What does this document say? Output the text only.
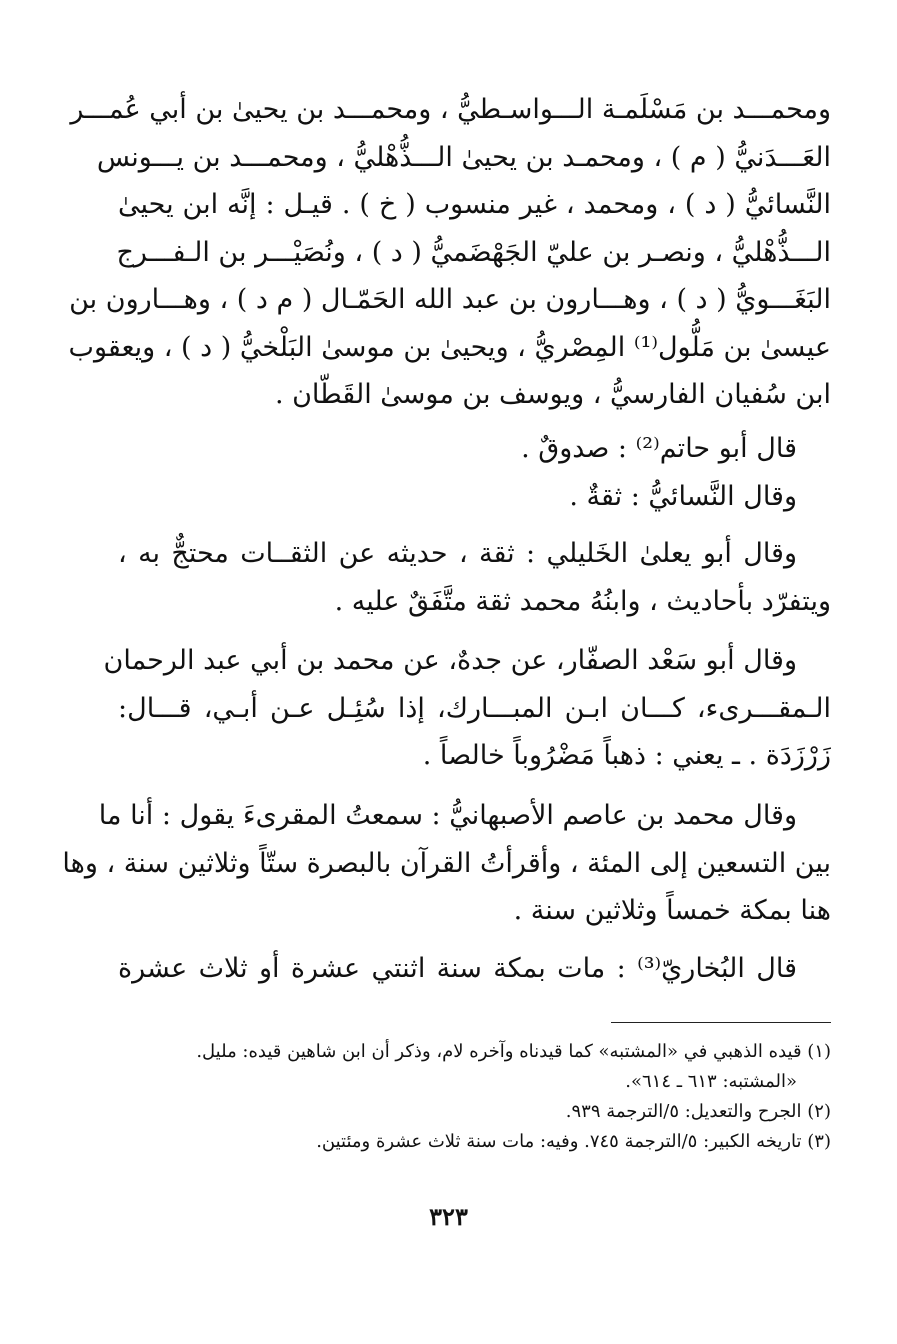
ومحمـــد بن مَسْلَمـة الـــواسـطيُّ ، ومحمـــد بن يحيىٰ بن أبي عُمـــر
العَـــدَنيُّ ( م ) ، ومحمـد بن يحيىٰ الـــذُّهْليُّ ، ومحمـــد بن يـــونس
النَّسائيُّ ( د ) ، ومحمد ، غير منسوب ( خ ) . قيـل : إنَّه ابن يحيىٰ
الـــذُّهْليُّ ، ونصـر بن عليّ الجَهْضَميُّ ( د ) ، ونُصَيْـــر بن الـفـــرج
البَغَـــويُّ ( د ) ، وهـــارون بن عبد الله الحَمّـال ( م د ) ، وهـــارون بن
عيسىٰ بن مَلُّول⁽¹⁾ المِصْريُّ ، ويحيىٰ بن موسىٰ البَلْخيُّ ( د ) ، ويعقوب
ابن سُفيان الفارسيُّ ، ويوسف بن موسىٰ القَطّان .

قال أبو حاتم⁽²⁾ : صدوقٌ .
وقال النَّسائيُّ : ثقةٌ .

وقال أبو يعلىٰ الخَليلي : ثقة ، حديثه عن الثقــات محتجٌّ به ،
ويتفرّد بأحاديث ، وابنُهُ محمد ثقة متَّفَقٌ عليه .

وقال أبو سَعْد الصفّار، عن جدهٌ، عن محمد بن أبي عبد الرحمان
الـمقـــرىء، كـــان ابـن المبـــارك، إذا سُئِـل عـن أبـي، قـــال:
زَرْزَدَة . ـ يعني : ذهباً مَضْرُوباً خالصاً .

وقال محمد بن عاصم الأصبهانيُّ : سمعتُ المقرىءَ يقول : أنا ما
بين التسعين إلى المئة ، وأقرأتُ القرآن بالبصرة ستّاً وثلاثين سنة ، وها
هنا بمكة خمساً وثلاثين سنة .

قال البُخاريّ⁽³⁾ : مات بمكة سنة اثنتي عشرة أو ثلاث عشرة

(١) قيده الذهبي في «المشتبه» كما قيدناه وآخره لام، وذكر أن ابن شاهين قيده: مليل.
«المشتبه: ٦١٣ ـ ٦١٤».
(٢) الجرح والتعديل: ٥/الترجمة ٩٣٩.
(٣) تاريخه الكبير: ٥/الترجمة ٧٤٥. وفيه: مات سنة ثلاث عشرة ومئتين.
٣٢٣
